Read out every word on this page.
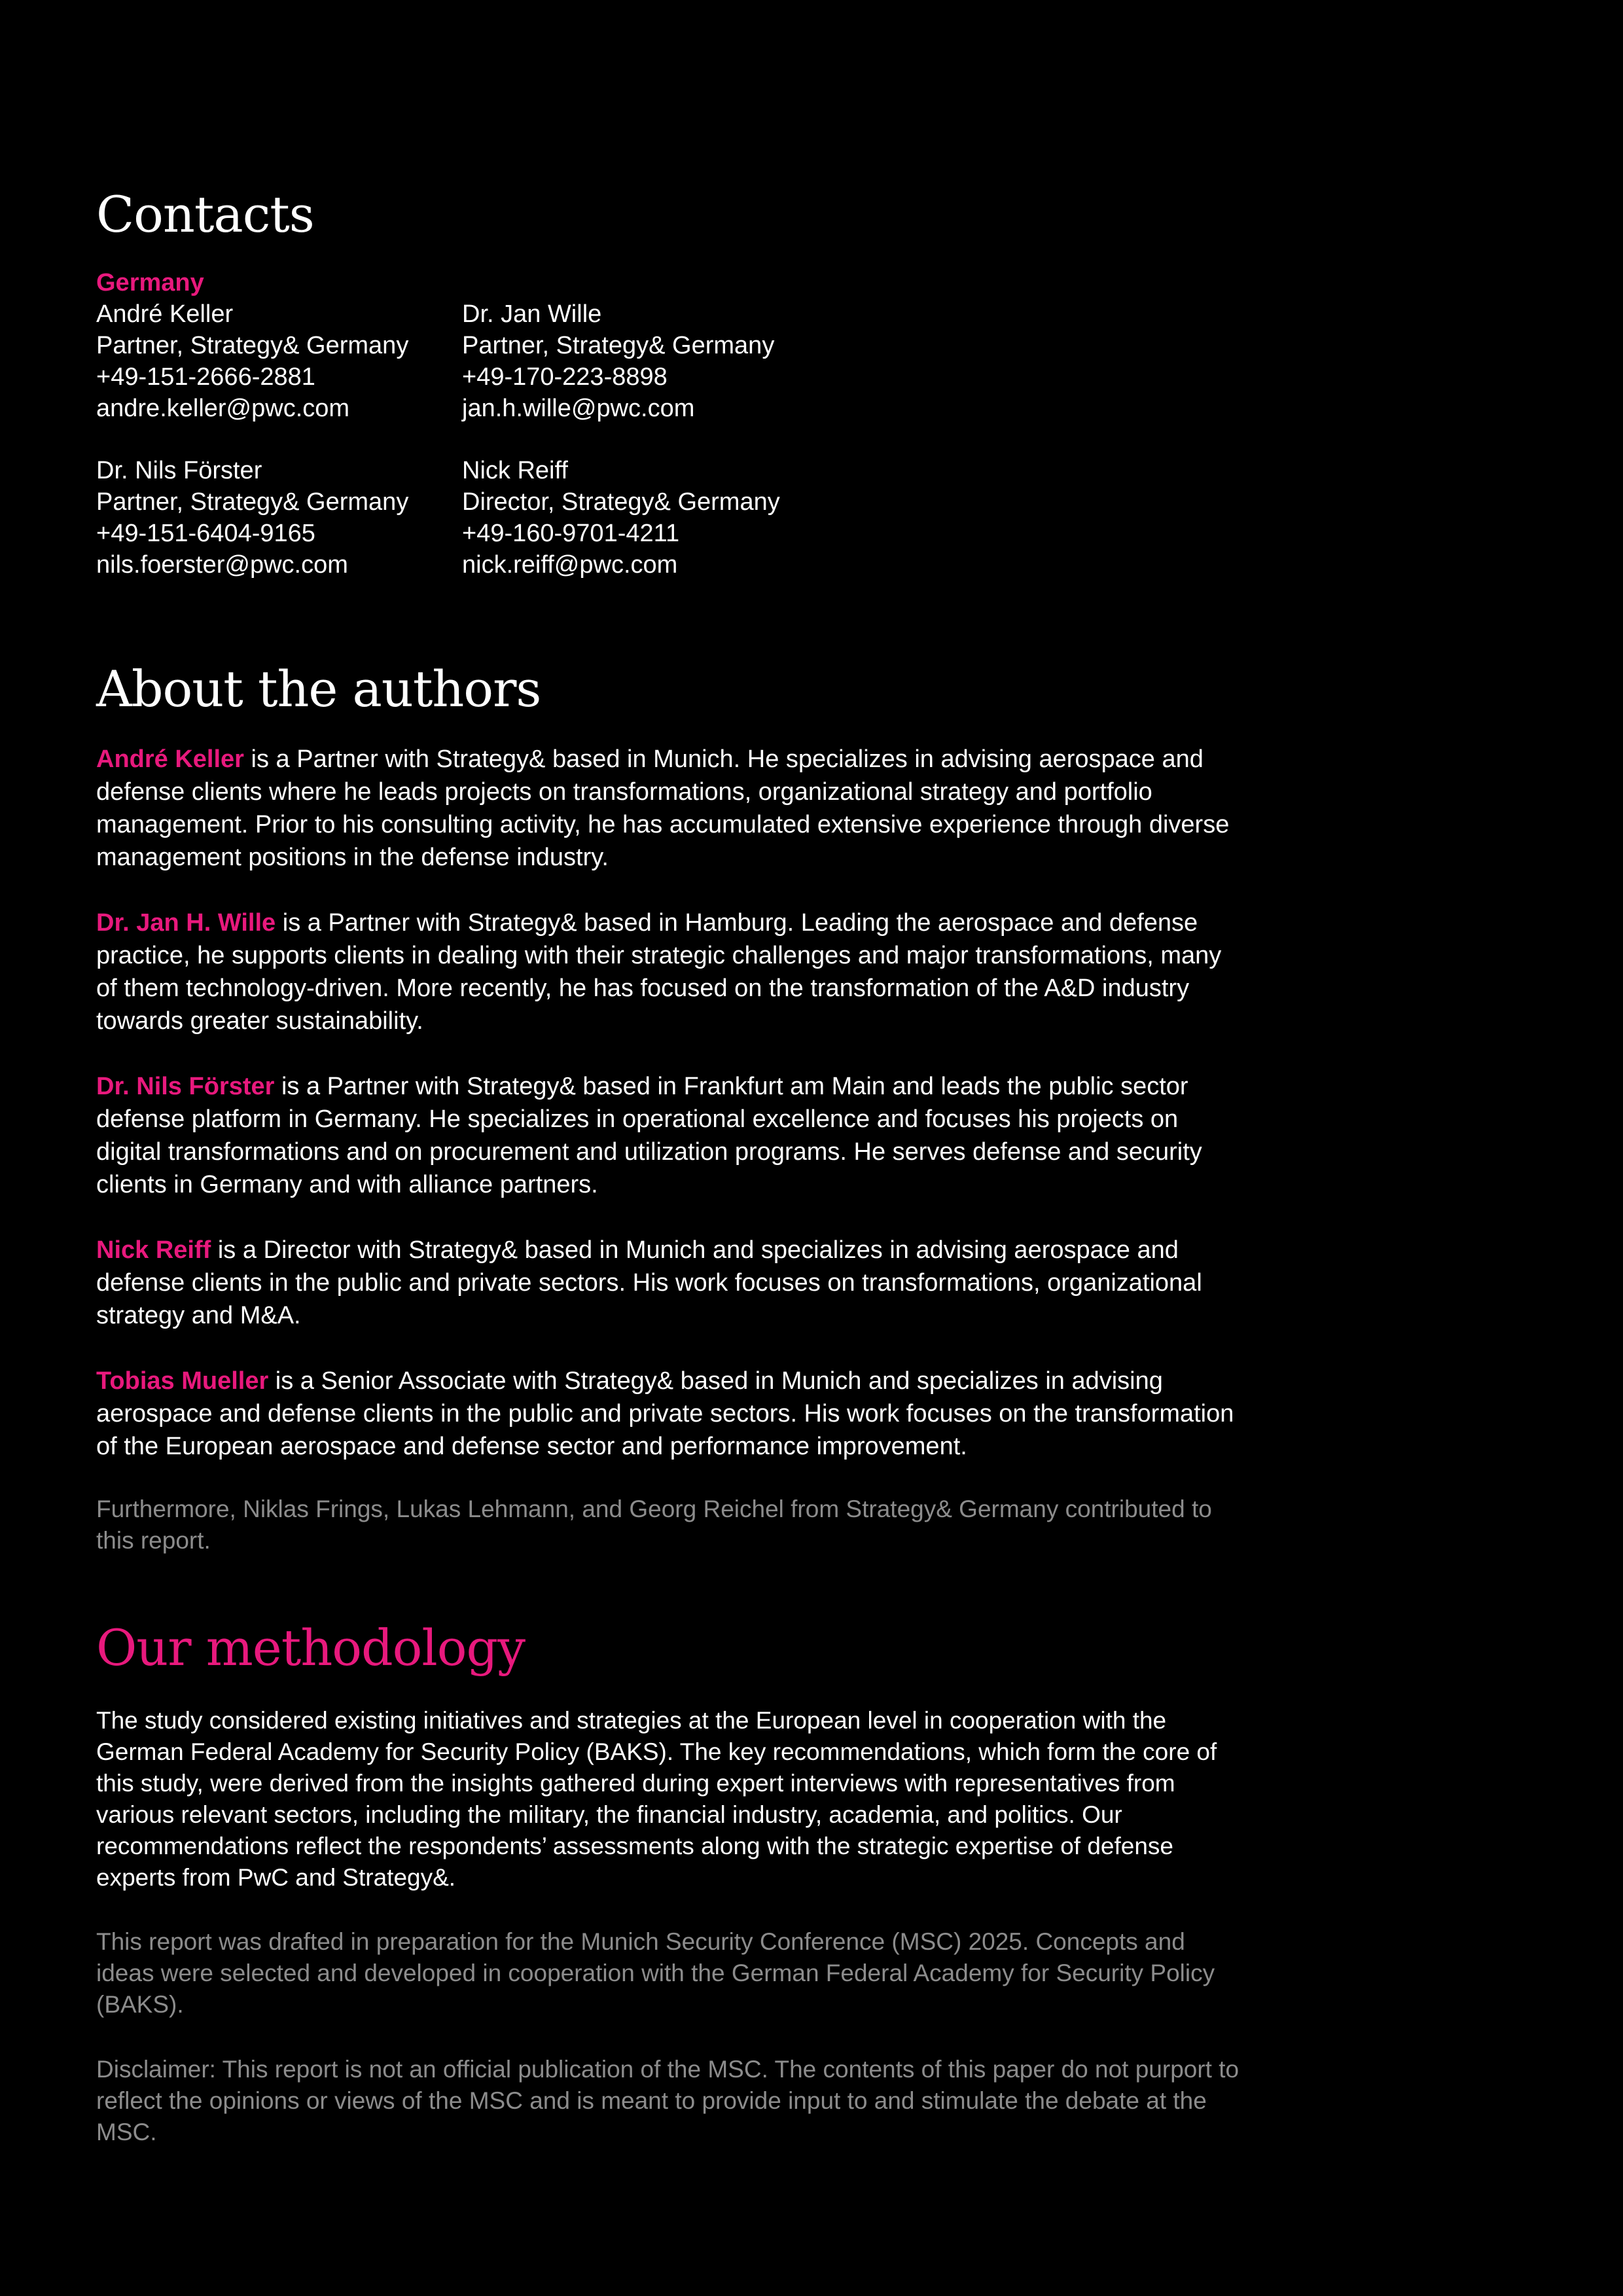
Contacts
Germany
André Keller
Partner, Strategy& Germany
+49-151-2666-2881
andre.keller@pwc.com
Dr. Jan Wille
Partner, Strategy& Germany
+49-170-223-8898
jan.h.wille@pwc.com
Dr. Nils Förster
Partner, Strategy& Germany
+49-151-6404-9165
nils.foerster@pwc.com
Nick Reiff
Director, Strategy& Germany
+49-160-9701-4211
nick.reiff@pwc.com
About the authors

André Keller is a Partner with Strategy& based in Munich. He specializes in advising aerospace and defense clients where he leads projects on transformations, organizational strategy and portfolio management. Prior to his consulting activity, he has accumulated extensive experience through diverse management positions in the defense industry.

Dr. Jan H. Wille is a Partner with Strategy& based in Hamburg. Leading the aerospace and defense practice, he supports clients in dealing with their strategic challenges and major transformations, many of them technology-driven. More recently, he has focused on the transformation of the A&D industry towards greater sustainability.

Dr. Nils Förster is a Partner with Strategy& based in Frankfurt am Main and leads the public sector defense platform in Germany. He specializes in operational excellence and focuses his projects on digital transformations and on procurement and utilization programs. He serves defense and security clients in Germany and with alliance partners.

Nick Reiff is a Director with Strategy& based in Munich and specializes in advising aerospace and defense clients in the public and private sectors. His work focuses on transformations, organizational strategy and M&A.

Tobias Mueller is a Senior Associate with Strategy& based in Munich and specializes in advising aerospace and defense clients in the public and private sectors. His work focuses on the transformation of the European aerospace and defense sector and performance improvement.

Furthermore, Niklas Frings, Lukas Lehmann, and Georg Reichel from Strategy& Germany contributed to this report.

Our methodology

The study considered existing initiatives and strategies at the European level in cooperation with the German Federal Academy for Security Policy (BAKS). The key recommendations, which form the core of this study, were derived from the insights gathered during expert interviews with representatives from various relevant sectors, including the military, the financial industry, academia, and politics. Our recommendations reflect the respondents’ assessments along with the strategic expertise of defense experts from PwC and Strategy&.

This report was drafted in preparation for the Munich Security Conference (MSC) 2025. Concepts and ideas were selected and developed in cooperation with the German Federal Academy for Security Policy (BAKS).

Disclaimer: This report is not an official publication of the MSC. The contents of this paper do not purport to reflect the opinions or views of the MSC and is meant to provide input to and stimulate the debate at the MSC.
